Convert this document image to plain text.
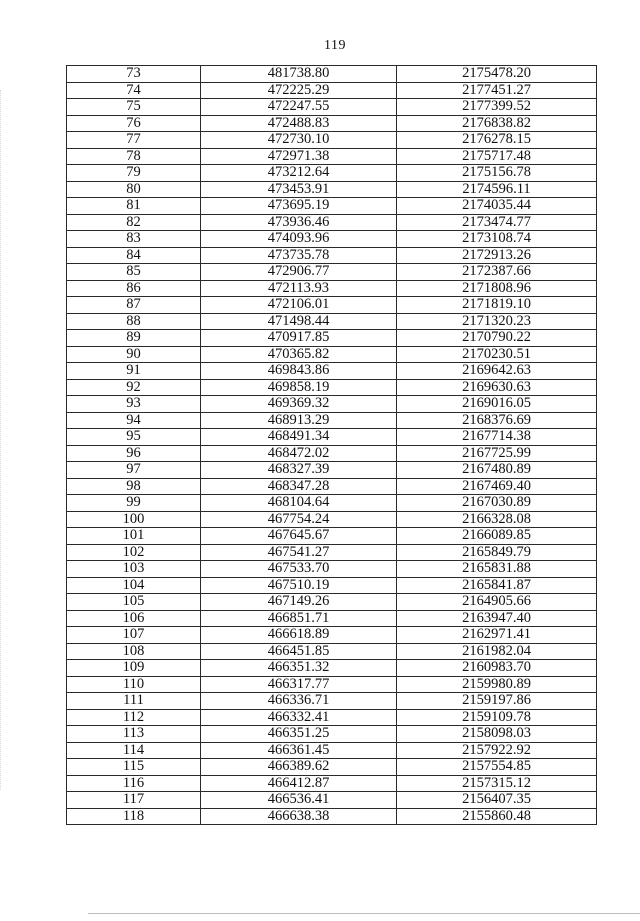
119
73	481738.80	2175478.20
74	472225.29	2177451.27
75	472247.55	2177399.52
76	472488.83	2176838.82
77	472730.10	2176278.15
78	472971.38	2175717.48
79	473212.64	2175156.78
80	473453.91	2174596.11
81	473695.19	2174035.44
82	473936.46	2173474.77
83	474093.96	2173108.74
84	473735.78	2172913.26
85	472906.77	2172387.66
86	472113.93	2171808.96
87	472106.01	2171819.10
88	471498.44	2171320.23
89	470917.85	2170790.22
90	470365.82	2170230.51
91	469843.86	2169642.63
92	469858.19	2169630.63
93	469369.32	2169016.05
94	468913.29	2168376.69
95	468491.34	2167714.38
96	468472.02	2167725.99
97	468327.39	2167480.89
98	468347.28	2167469.40
99	468104.64	2167030.89
100	467754.24	2166328.08
101	467645.67	2166089.85
102	467541.27	2165849.79
103	467533.70	2165831.88
104	467510.19	2165841.87
105	467149.26	2164905.66
106	466851.71	2163947.40
107	466618.89	2162971.41
108	466451.85	2161982.04
109	466351.32	2160983.70
110	466317.77	2159980.89
111	466336.71	2159197.86
112	466332.41	2159109.78
113	466351.25	2158098.03
114	466361.45	2157922.92
115	466389.62	2157554.85
116	466412.87	2157315.12
117	466536.41	2156407.35
118	466638.38	2155860.48
